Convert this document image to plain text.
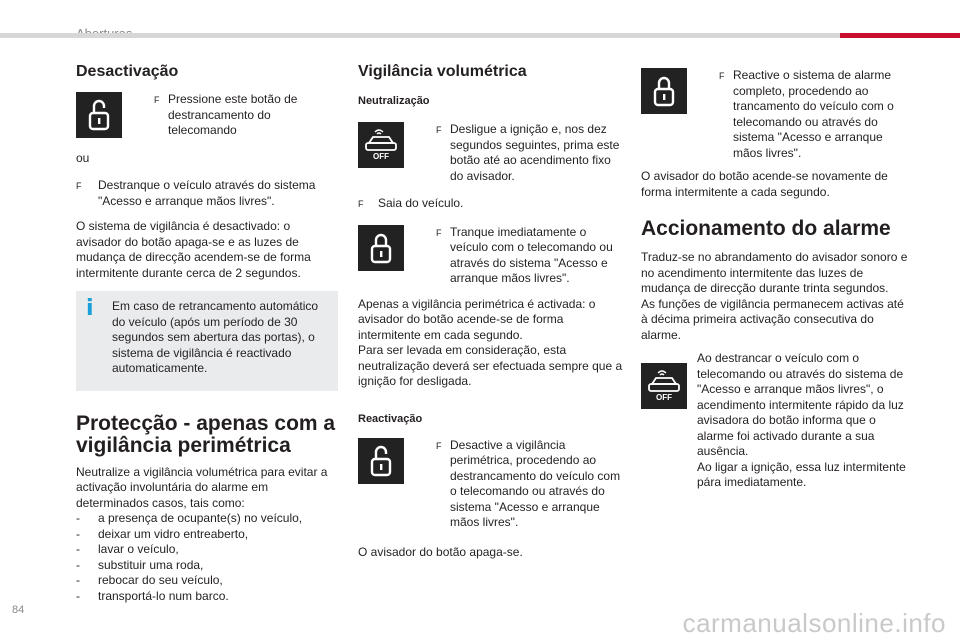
Desactivação
F Pressione este botão de destrancamento do telecomando

ou

F	Destranque o veículo através do sistema "Acesso e arranque mãos livres".

O sistema de vigilância é desactivado: o avisador do botão apaga-se e as luzes de mudança de direcção acendem-se de forma intermitente durante cerca de 2 segundos.

i	Em caso de retrancamento automático do veículo (após um período de 30 segundos sem abertura das portas), o sistema de vigilância é reactivado automaticamente.

Protecção - apenas com a vigilância perimétrica

Neutralize a vigilância volumétrica para evitar a activação involuntária do alarme em determinados casos, tais como:

-	a presença de ocupante(s) no veículo,
-	deixar um vidro entreaberto,
-	lavar o veículo,
-	substituir uma roda,
-	rebocar do seu veículo,
-	transportá-lo num barco.
Vigilância volumétrica
Neutralização
OFF
F Desligue a ignição e, nos dez segundos seguintes, prima este botão até ao acendimento fixo do avisador.
F	Saia do veículo.
F Tranque imediatamente o veículo com o telecomando ou através do sistema "Acesso e arranque mãos livres".

Apenas a vigilância perimétrica é activada: o avisador do botão acende-se de forma intermitente em cada segundo.
Para ser levada em consideração, esta neutralização deverá ser efectuada sempre que a ignição for desligada.

Reactivação
F Desactive a vigilância perimétrica, procedendo ao destrancamento do veículo com o telecomando ou através do sistema "Acesso e arranque mãos livres".

O avisador do botão apaga-se.

F Reactive o sistema de alarme completo, procedendo ao trancamento do veículo com o telecomando ou através do sistema "Acesso e arranque mãos livres".

O avisador do botão acende-se novamente de forma intermitente a cada segundo.

Accionamento do alarme

Traduz-se no abrandamento do avisador sonoro e no acendimento intermitente das luzes de mudança de direcção durante trinta segundos.

As funções de vigilância permanecem activas até à décima primeira activação consecutiva do alarme.

OFF

Ao destrancar o veículo com o telecomando ou através do sistema de "Acesso e arranque mãos livres", o acendimento intermitente rápido da luz avisadora do botão informa que o alarme foi activado durante a sua ausência.
Ao ligar a ignição, essa luz intermitente pára imediatamente.

84	carmanualsonline.info
